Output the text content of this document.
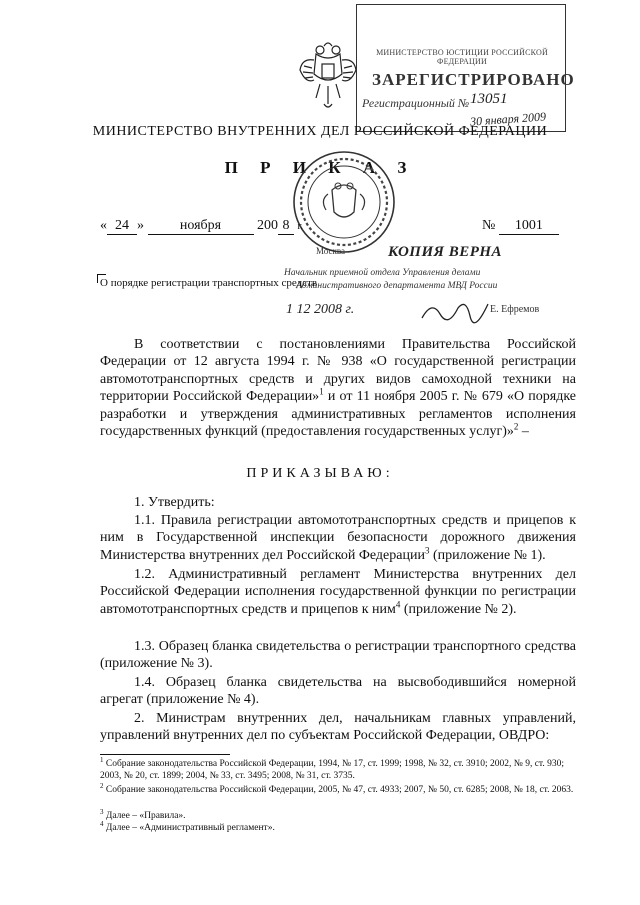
МИНИСТЕРСТВО ЮСТИЦИИ РОССИЙСКОЙ ФЕДЕРАЦИИ
ЗАРЕГИСТРИРОВАНО
Регистрационный № 13051
30 января 2009
МИНИСТЕРСТВО ВНУТРЕННИХ ДЕЛ РОССИЙСКОЙ ФЕДЕРАЦИИ
П Р И К А З
« 24 »	ноября	200 8 г.	№ 1001
Москва	КОПИЯ ВЕРНА
Начальник приемной отдела Управления делами
Административного департамента МВД России
1 12 2008 г.	Е. Ефремов
О порядке регистрации транспортных средств
В соответствии с постановлениями Правительства Российской Федерации от 12 августа 1994 г. № 938 «О государственной регистрации автомототранспортных средств и других видов самоходной техники на территории Российской Федерации»$^1$ и от 11 ноября 2005 г. № 679 «О порядке разработки и утверждения административных регламентов исполнения государственных функций (предоставления государственных услуг)»$^2$ –
ПРИКАЗЫВАЮ:
1. Утвердить:
1.1. Правила регистрации автомототранспортных средств и прицепов к ним в Государственной инспекции безопасности дорожного движения Министерства внутренних дел Российской Федерации$^3$ (приложение № 1).
1.2. Административный регламент Министерства внутренних дел Российской Федерации исполнения государственной функции по регистрации автомототранспортных средств и прицепов к ним$^4$ (приложение № 2).
1.3. Образец бланка свидетельства о регистрации транспортного средства (приложение № 3).
1.4. Образец бланка свидетельства на высвободившийся номерной агрегат (приложение № 4).
2. Министрам внутренних дел, начальникам главных управлений, управлений внутренних дел по субъектам Российской Федерации, ОВДРО:
$^1$ Собрание законодательства Российской Федерации, 1994, № 17, ст. 1999; 1998, № 32, ст. 3910; 2002, № 9, ст. 930; 2003, № 20, ст. 1899; 2004, № 33, ст. 3495; 2008, № 31, ст. 3735.
$^2$ Собрание законодательства Российской Федерации, 2005, № 47, ст. 4933; 2007, № 50, ст. 6285; 2008, № 18, ст. 2063.
$^3$ Далее – «Правила».
$^4$ Далее – «Административный регламент».
